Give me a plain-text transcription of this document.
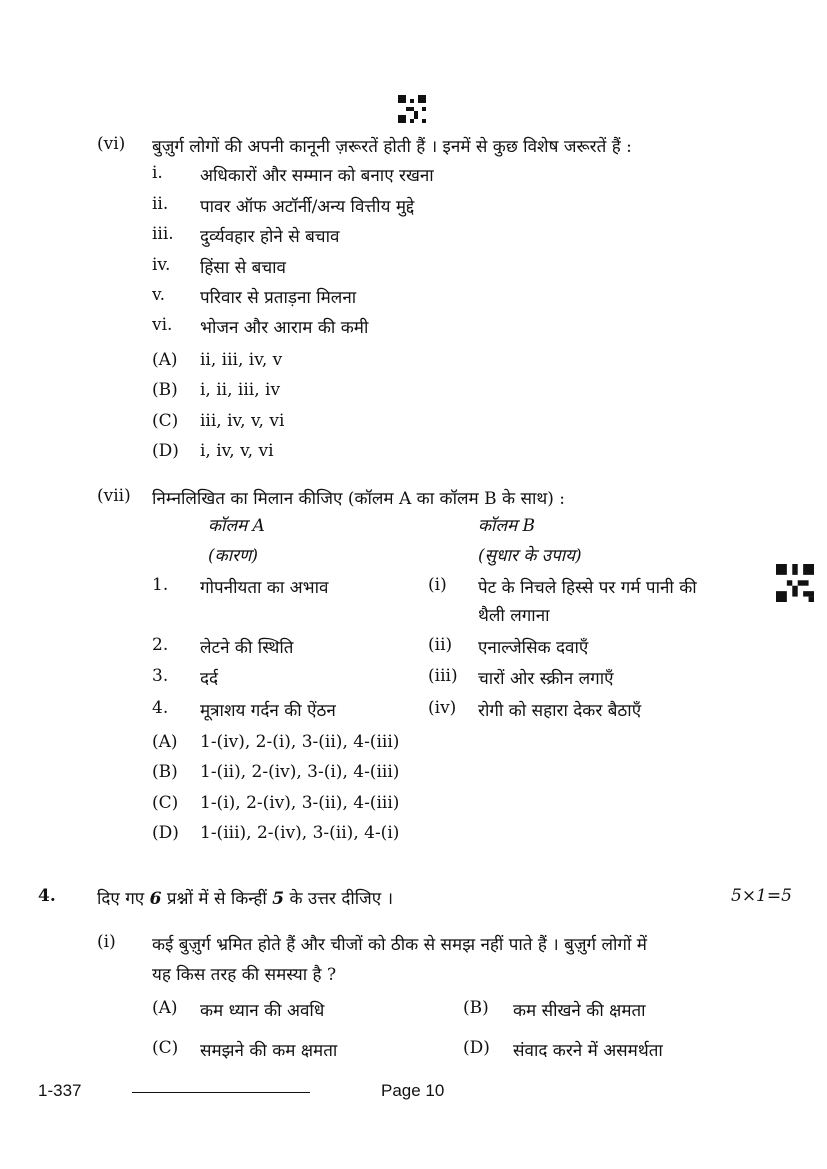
(vi) बुज़ुर्ग लोगों की अपनी कानूनी ज़रूरतें होती हैं । इनमें से कुछ विशेष जरूरतें हैं :
i. अधिकारों और सम्मान को बनाए रखना
ii. पावर ऑफ अटॉर्नी/अन्य वित्तीय मुद्दे
iii. दुर्व्यवहार होने से बचाव
iv. हिंसा से बचाव
v. परिवार से प्रताड़ना मिलना
vi. भोजन और आराम की कमी
(A) ii, iii, iv, v
(B) i, ii, iii, iv
(C) iii, iv, v, vi
(D) i, iv, v, vi
(vii) निम्नलिखित का मिलान कीजिए (कॉलम A का कॉलम B के साथ) :
कॉलम A
(कारण)
कॉलम B
(सुधार के उपाय)
1. गोपनीयता का अभाव	(i) पेट के निचले हिस्से पर गर्म पानी की
थैली लगाना
2. लेटने की स्थिति	(ii) एनाल्जेसिक दवाएँ
3. दर्द	(iii) चारों ओर स्क्रीन लगाएँ
4. मूत्राशय गर्दन की ऐंठन	(iv) रोगी को सहारा देकर बैठाएँ
(A) 1-(iv), 2-(i), 3-(ii), 4-(iii)
(B) 1-(ii), 2-(iv), 3-(i), 4-(iii)
(C) 1-(i), 2-(iv), 3-(ii), 4-(iii)
(D) 1-(iii), 2-(iv), 3-(ii), 4-(i)
4. दिए गए 6 प्रश्नों में से किन्हीं 5 के उत्तर दीजिए ।	5×1=5
(i) कई बुज़ुर्ग भ्रमित होते हैं और चीजों को ठीक से समझ नहीं पाते हैं । बुज़ुर्ग लोगों में
यह किस तरह की समस्या है ?
(A) कम ध्यान की अवधि	(B) कम सीखने की क्षमता
(C) समझने की कम क्षमता	(D) संवाद करने में असमर्थता
1-337	Page 10
